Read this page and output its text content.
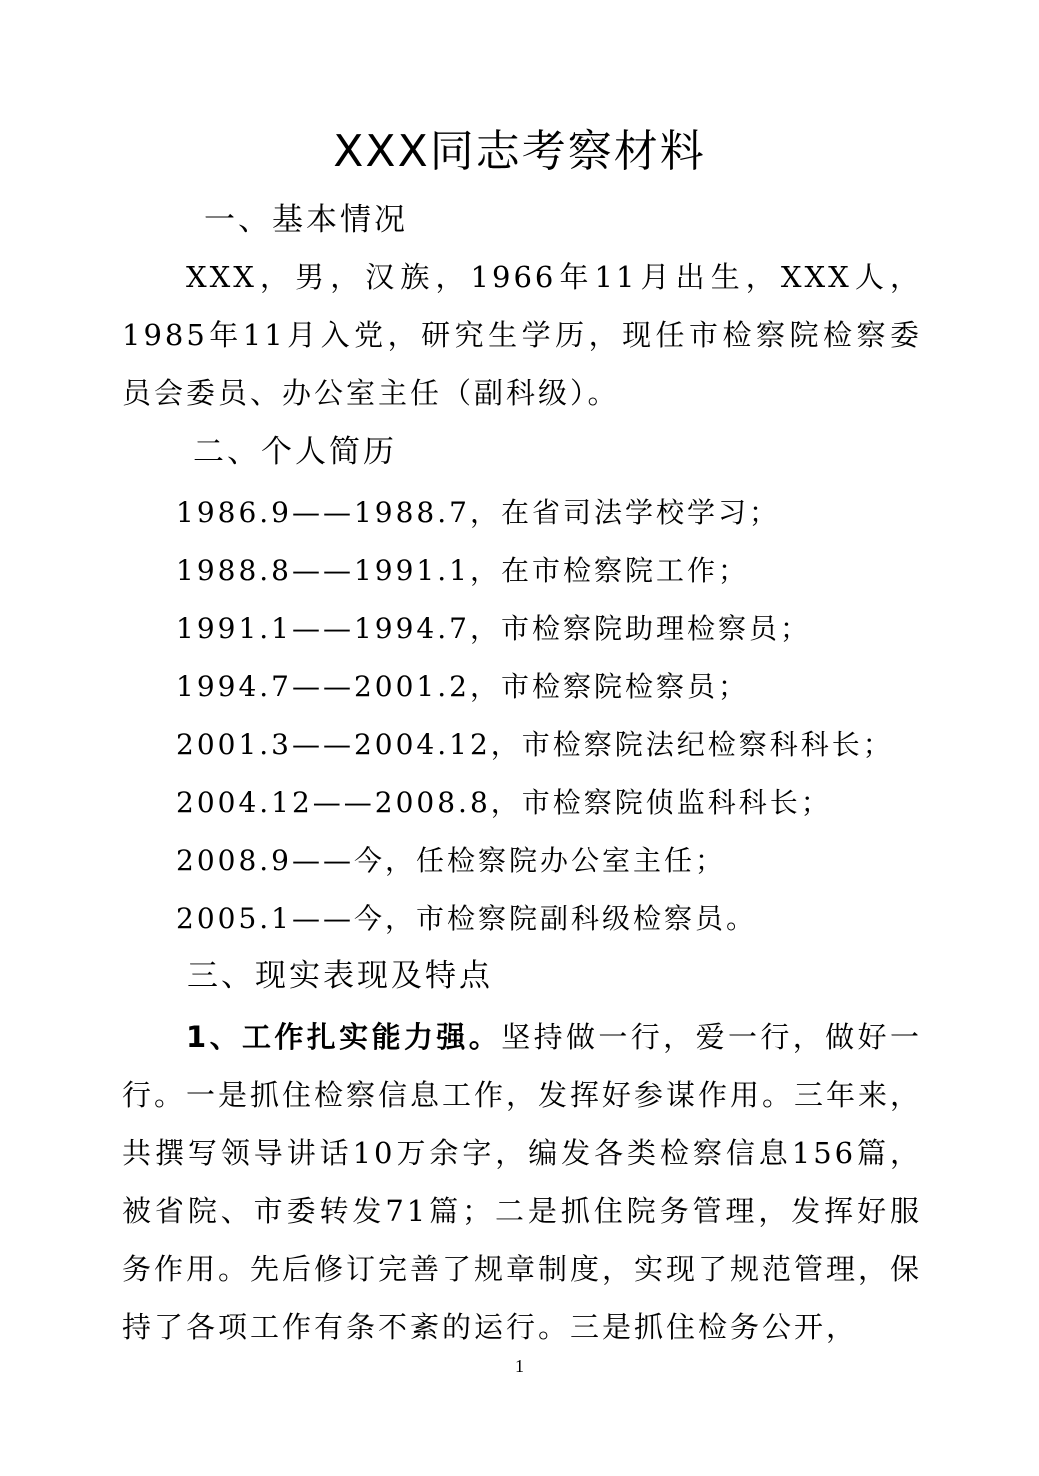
XXX同志考察材料
一、基本情况
XXX，男，汉族，1966年11月出生，XXX人，1985年11月入党，研究生学历，现任市检察院检察委员会委员、办公室主任（副科级）。
二、个人简历
1986.9——1988.7，在省司法学校学习；
1988.8——1991.1，在市检察院工作；
1991.1——1994.7，市检察院助理检察员；
1994.7——2001.2，市检察院检察员；
2001.3——2004.12，市检察院法纪检察科科长；
2004.12——2008.8，市检察院侦监科科长；
2008.9——今，任检察院办公室主任；
2005.1——今，市检察院副科级检察员。
三、现实表现及特点
1、工作扎实能力强。坚持做一行，爱一行，做好一行。一是抓住检察信息工作，发挥好参谋作用。三年来，共撰写领导讲话10万余字，编发各类检察信息156篇，被省院、市委转发71篇；二是抓住院务管理，发挥好服务作用。先后修订完善了规章制度，实现了规范管理，保持了各项工作有条不紊的运行。三是抓住检务公开，
1
